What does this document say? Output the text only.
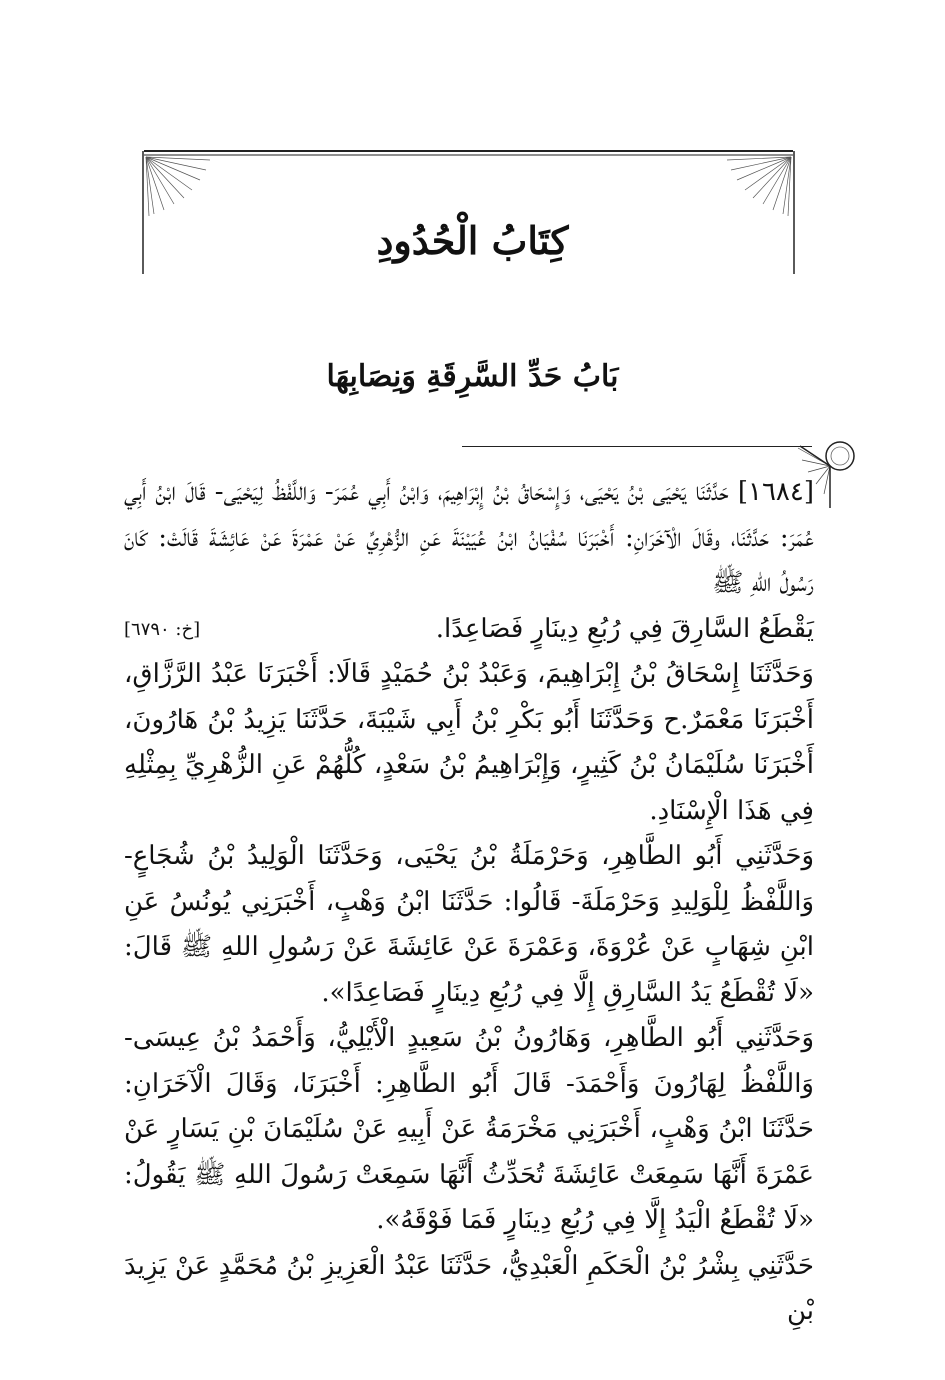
كِتَابُ الْحُدُودِ
بَابُ حَدِّ السَّرِقَةِ وَنِصَابِهَا

[١٦٨٤] حَدَّثَنَا يَحْيَى بْنُ يَحْيَى، وَإِسْحَاقُ بْنُ إِبْرَاهِيمَ، وَابْنُ أَبِي عُمَرَ- وَاللَّفْظُ لِيَحْيَى- قَالَ ابْنُ أَبِي عُمَرَ: حَدَّثَنَا، وقَالَ الْآخَرَانِ: أَخْبَرَنَا سُفْيَانُ ابْنُ عُيَيْنَةَ عَنِ الزُّهْرِيِّ عَنْ عَمْرَةَ عَنْ عَائِشَةَ قَالَتْ: كَانَ رَسُولُ اللهِ ﷺ

يَقْطَعُ السَّارِقَ فِي رُبُعِ دِينَارٍ فَصَاعِدًا.
[خ: ٦٧٩٠]

وَحَدَّثَنَا إِسْحَاقُ بْنُ إِبْرَاهِيمَ، وَعَبْدُ بْنُ حُمَيْدٍ قَالَا: أَخْبَرَنَا عَبْدُ الرَّزَّاقِ، أَخْبَرَنَا مَعْمَرٌ.ح وَحَدَّثَنَا أَبُو بَكْرِ بْنُ أَبِي شَيْبَةَ، حَدَّثَنَا يَزِيدُ بْنُ هَارُونَ، أَخْبَرَنَا سُلَيْمَانُ بْنُ كَثِيرٍ، وَإِبْرَاهِيمُ بْنُ سَعْدٍ، كُلُّهُمْ عَنِ الزُّهْرِيِّ بِمِثْلِهِ فِي هَذَا الْإِسْنَادِ.

وَحَدَّثَنِي أَبُو الطَّاهِرِ، وَحَرْمَلَةُ بْنُ يَحْيَى، وَحَدَّثَنَا الْوَلِيدُ بْنُ شُجَاعٍ- وَاللَّفْظُ لِلْوَلِيدِ وَحَرْمَلَةَ- قَالُوا: حَدَّثَنَا ابْنُ وَهْبٍ، أَخْبَرَنِي يُونُسُ عَنِ ابْنِ شِهَابٍ عَنْ عُرْوَةَ، وَعَمْرَةَ عَنْ عَائِشَةَ عَنْ رَسُولِ اللهِ ﷺ قَالَ: «لَا تُقْطَعُ يَدُ السَّارِقِ إِلَّا فِي رُبُعِ دِينَارٍ فَصَاعِدًا».

وَحَدَّثَنِي أَبُو الطَّاهِرِ، وَهَارُونُ بْنُ سَعِيدٍ الْأَيْلِيُّ، وَأَحْمَدُ بْنُ عِيسَى- وَاللَّفْظُ لِهَارُونَ وَأَحْمَدَ- قَالَ أَبُو الطَّاهِرِ: أَخْبَرَنَا، وَقَالَ الْآخَرَانِ: حَدَّثَنَا ابْنُ وَهْبٍ، أَخْبَرَنِي مَخْرَمَةُ عَنْ أَبِيهِ عَنْ سُلَيْمَانَ بْنِ يَسَارٍ عَنْ عَمْرَةَ أَنَّهَا سَمِعَتْ عَائِشَةَ تُحَدِّثُ أَنَّهَا سَمِعَتْ رَسُولَ اللهِ ﷺ يَقُولُ: «لَا تُقْطَعُ الْيَدُ إِلَّا فِي رُبُعِ دِينَارٍ فَمَا فَوْقَهُ».

حَدَّثَنِي بِشْرُ بْنُ الْحَكَمِ الْعَبْدِيُّ، حَدَّثَنَا عَبْدُ الْعَزِيزِ بْنُ مُحَمَّدٍ عَنْ يَزِيدَ بْنِ
